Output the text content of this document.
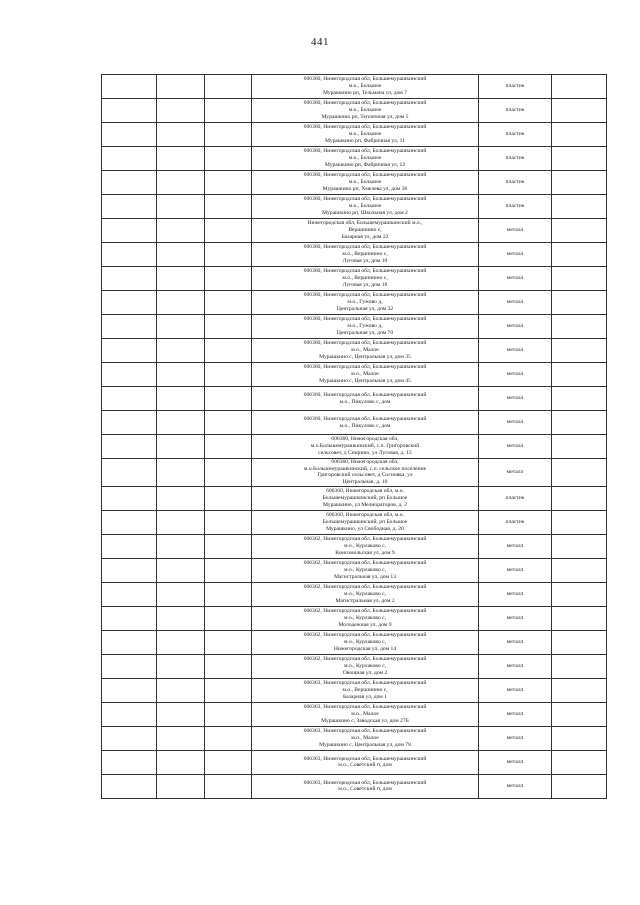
441
			606360, Нижегородская обл, Большемурашкинский
м.о., Большое
Мурашкино рп, Тельмана ул, дом 7	пластик	
			606360, Нижегородская обл, Большемурашкинский
м.о., Большое
Мурашкино рп, Тепличная ул, дом 5	пластик	
			606360, Нижегородская обл, Большемурашкинский
м.о., Большое
Мурашкино рп, Фабричная ул, 11	пластик	
			606360, Нижегородская обл, Большемурашкинский
м.о., Большое
Мурашкино рп, Фабричная ул, 12	пластик	
			606360, Нижегородская обл, Большемурашкинский
м.о., Большое
Мурашкино рп, Хмелева ул, дом 36	пластик	
			606360, Нижегородская обл, Большемурашкинский
м.о., Большое
Мурашкино рп, Школьная ул, дом 2	пластик	
			Нижегородская обл, Большемурашкинский м.о.,
Вершинино с,
Базарная ул, дом 22	металл	
			606360, Нижегородская обл, Большемурашкинский
м.о., Вершинино с,
Луговая ул, дом 10	металл	
			606360, Нижегородская обл, Большемурашкинский
м.о., Вершинино с,
Луговая ул, дом 18	металл	
			606360, Нижегородская обл, Большемурашкинский
м.о., Гужово д,
Центральная ул, дом 32	металл	
			606360, Нижегородская обл, Большемурашкинский
м.о., Гужово д,
Центральная ул, дом 70	металл	
			606360, Нижегородская обл, Большемурашкинский
м.о., Малое
Мурашкино с, Центральная ул, дом 35	металл	
			606360, Нижегородская обл, Большемурашкинский
м.о., Малое
Мурашкино с, Центральная ул, дом 45	металл	
			606360, Нижегородская обл, Большемурашкинский
м.о., Пикулово с, дом	металл	
			606360, Нижегородская обл, Большемурашкинский
м.о., Пикулово с, дом	металл	
			606360, Нижегородская обл,
м.о.Большемурашкинский, с.п. Григоровский
сельсовет, д Спирино, ул Луговая, д. 12	металл	
			606360, Нижегородская обл,
м.о.Большемурашкинский, с.п. сельское поселение
Григоровский сельсовет, д Сосновка, ул
Центральная, д. 10	металл	
			606360, Нижегородская обл, м.о.
Большемурашкинский, рп Большое
Мурашкино, ул Мелиораторов, д. 2	пластик	
			606360, Нижегородская обл, м.о.
Большемурашкинский, рп Большое
Мурашкино, ул Свободная, д. 20	пластик	
			606362, Нижегородская обл, Большемурашкинский
м.о., Курлаково с,
Комсомольская ул, дом 9	металл	
			606362, Нижегородская обл, Большемурашкинский
м.о., Курлаково с,
Магистральная ул, дом 13	металл	
			606362, Нижегородская обл, Большемурашкинский
м.о., Курлаково с,
Магистральная ул, дом 2	металл	
			606362, Нижегородская обл, Большемурашкинский
м.о., Курлаково с,
Молодежная ул, дом 9	металл	
			606362, Нижегородская обл, Большемурашкинский
м.о., Курлаково с,
Нижегородская ул, дом 14	металл	
			606362, Нижегородская обл, Большемурашкинский
м.о., Курлаково с,
Овощная ул, дом 2	металл	
			606363, Нижегородская обл, Большемурашкинский
м.о., Вершинино с,
Базарная ул, дом 1	металл	
			606363, Нижегородская обл, Большемурашкинский
м.о., Малое
Мурашкино с, Заводская ул, дом 27Б	металл	
			606363, Нижегородская обл, Большемурашкинский
м.о., Малое
Мурашкино с, Центральная ул, дом 78	металл	
			606363, Нижегородская обл, Большемурашкинский
м.о., Советский п, дом	металл	
			606363, Нижегородская обл, Большемурашкинский
м.о., Советский п, дом	металл	
